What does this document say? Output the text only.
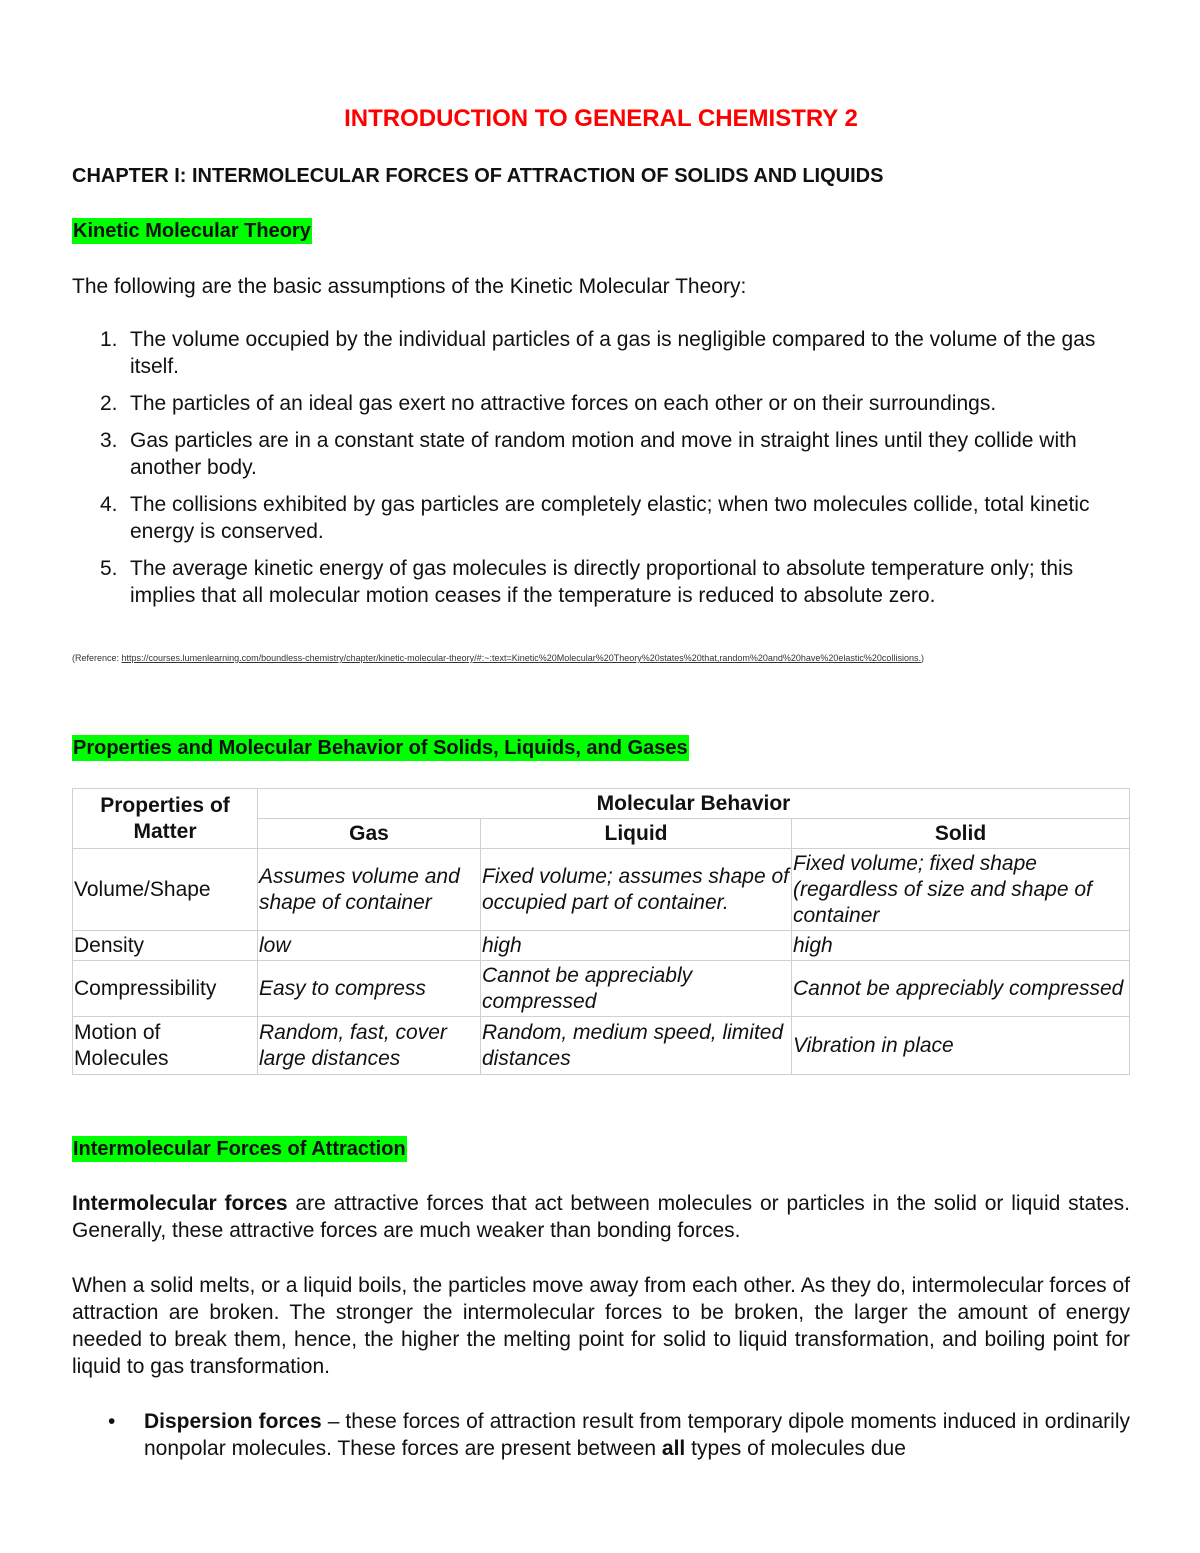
INTRODUCTION TO GENERAL CHEMISTRY 2
CHAPTER I: INTERMOLECULAR FORCES OF ATTRACTION OF SOLIDS AND LIQUIDS
Kinetic Molecular Theory
The following are the basic assumptions of the Kinetic Molecular Theory:
1. The volume occupied by the individual particles of a gas is negligible compared to the volume of the gas itself.
2. The particles of an ideal gas exert no attractive forces on each other or on their surroundings.
3. Gas particles are in a constant state of random motion and move in straight lines until they collide with another body.
4. The collisions exhibited by gas particles are completely elastic; when two molecules collide, total kinetic energy is conserved.
5. The average kinetic energy of gas molecules is directly proportional to absolute temperature only; this implies that all molecular motion ceases if the temperature is reduced to absolute zero.
(Reference: https://courses.lumenlearning.com/boundless-chemistry/chapter/kinetic-molecular-theory/#:~:text=Kinetic%20Molecular%20Theory%20states%20that,random%20and%20have%20elastic%20collisions.)
Properties and Molecular Behavior of Solids, Liquids, and Gases
Properties of Matter	Molecular Behavior		
	Gas	Liquid	Solid
Volume/Shape	Assumes volume and shape of container	Fixed volume; assumes shape of occupied part of container.	Fixed volume; fixed shape (regardless of size and shape of container
Density	low	high	high
Compressibility	Easy to compress	Cannot be appreciably compressed	Cannot be appreciably compressed
Motion of Molecules	Random, fast, cover large distances	Random, medium speed, limited distances	Vibration in place
Intermolecular Forces of Attraction
Intermolecular forces are attractive forces that act between molecules or particles in the solid or liquid states. Generally, these attractive forces are much weaker than bonding forces.
When a solid melts, or a liquid boils, the particles move away from each other. As they do, intermolecular forces of attraction are broken. The stronger the intermolecular forces to be broken, the larger the amount of energy needed to break them, hence, the higher the melting point for solid to liquid transformation, and boiling point for liquid to gas transformation.
• Dispersion forces – these forces of attraction result from temporary dipole moments induced in ordinarily nonpolar molecules. These forces are present between all types of molecules due
